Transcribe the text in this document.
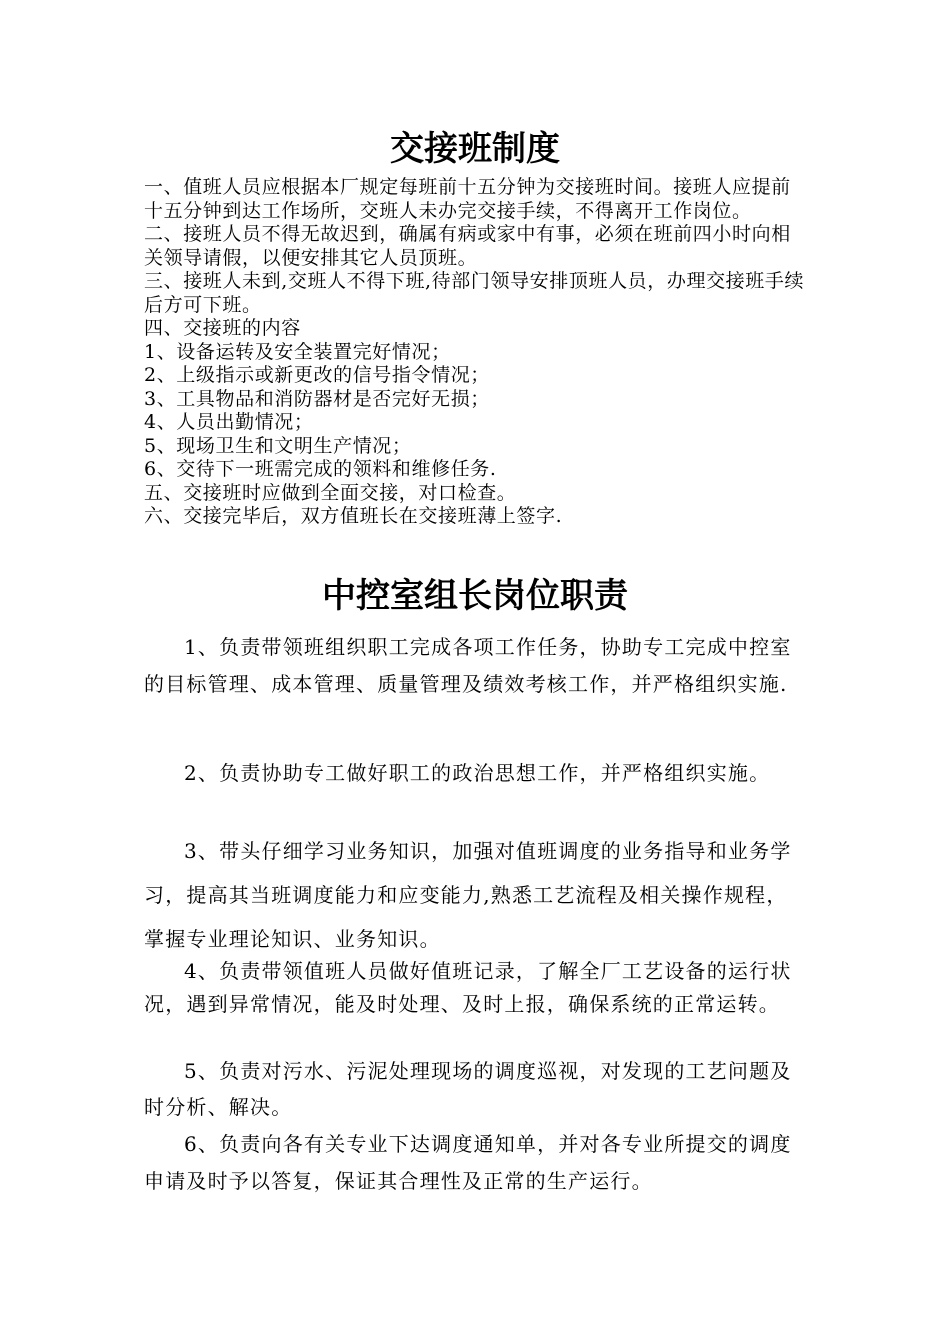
交接班制度

一、值班人员应根据本厂规定每班前十五分钟为交接班时间。接班人应提前十五分钟到达工作场所，交班人未办完交接手续，不得离开工作岗位。

二、接班人员不得无故迟到，确属有病或家中有事，必须在班前四小时向相关领导请假，以便安排其它人员顶班。

三、接班人未到,交班人不得下班,待部门领导安排顶班人员，办理交接班手续后方可下班。

四、交接班的内容

1、设备运转及安全装置完好情况；

2、上级指示或新更改的信号指令情况；

3、工具物品和消防器材是否完好无损；

4、人员出勤情况；

5、现场卫生和文明生产情况；

6、交待下一班需完成的领料和维修任务.

五、交接班时应做到全面交接，对口检查。

六、交接完毕后，双方值班长在交接班薄上签字.

中控室组长岗位职责

1、负责带领班组织职工完成各项工作任务，协助专工完成中控室的目标管理、成本管理、质量管理及绩效考核工作，并严格组织实施.

2、负责协助专工做好职工的政治思想工作，并严格组织实施。

3、带头仔细学习业务知识，加强对值班调度的业务指导和业务学习，提高其当班调度能力和应变能力,熟悉工艺流程及相关操作规程，掌握专业理论知识、业务知识。

4、负责带领值班人员做好值班记录，了解全厂工艺设备的运行状况，遇到异常情况，能及时处理、及时上报，确保系统的正常运转。

5、负责对污水、污泥处理现场的调度巡视，对发现的工艺问题及时分析、解决。

6、负责向各有关专业下达调度通知单，并对各专业所提交的调度申请及时予以答复，保证其合理性及正常的生产运行。
